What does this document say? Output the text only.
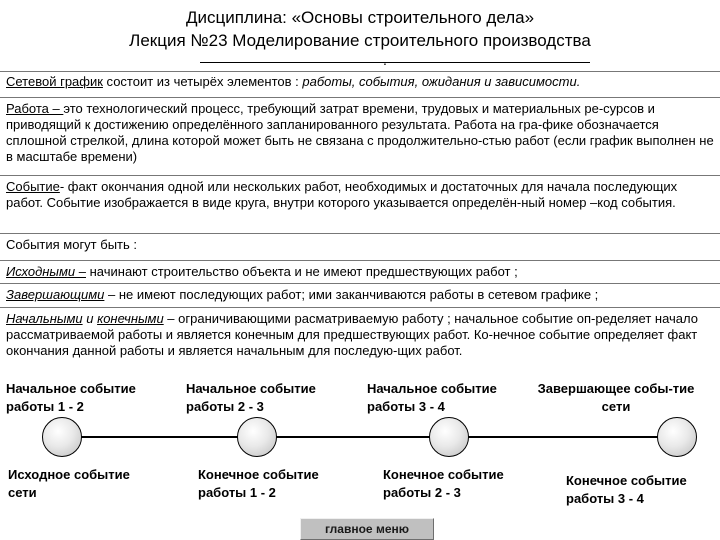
Дисциплина: «Основы строительного дела»
Лекция №23 Моделирование строительного производства
.
Сетевой график состоит из четырёх элементов : работы, события, ожидания и зависимости.
Работа – это технологический процесс, требующий затрат времени, трудовых и материальных ре-сурсов и приводящий к достижению определённого запланированного результата. Работа на гра-фике обозначается сплошной стрелкой, длина которой может быть не связана с продолжительно-стью работ (если график выполнен не в масштабе времени)
Событие- факт окончания одной или нескольких работ, необходимых и достаточных для начала последующих работ. Событие изображается в виде круга, внутри которого указывается определён-ный номер –код события.
События могут быть :
Исходными – начинают строительство объекта и не имеют предшествующих работ ;
Завершающими – не имеют последующих работ; ими заканчиваются работы в сетевом графике ;
Начальными и конечными – ограничивающими расматриваемую работу ; начальное событие оп-ределяет начало рассматриваемой работы и является конечным для предшествующих работ. Ко-нечное событие определяет факт окончания данной работы и является начальным для последую-щих работ.
Начальное событие работы 1 - 2
Начальное событие работы 2 - 3
Начальное событие работы 3 - 4
Завершающее собы-тие сети
Исходное событие сети
Конечное событие работы 1 - 2
Конечное событие работы 2 - 3
Конечное событие работы 3 - 4
главное меню
